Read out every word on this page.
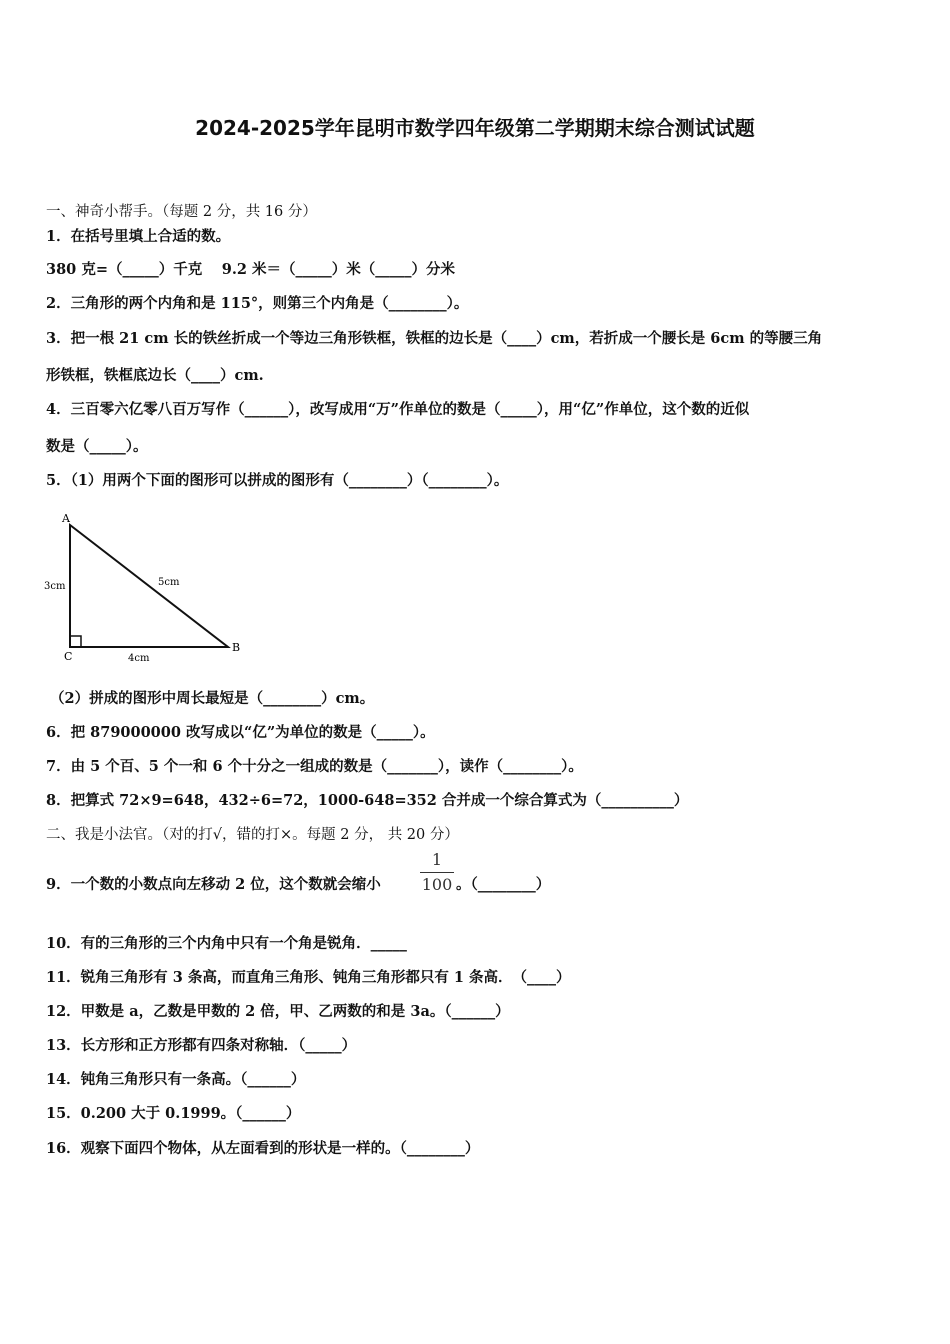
2024-2025学年昆明市数学四年级第二学期期末综合测试试题
一、神奇小帮手。（每题 2 分，共 16 分）
1．在括号里填上合适的数。
380 克=（_____）千克　 9.2 米＝（_____）米（_____）分米
2．三角形的两个内角和是 115°，则第三个内角是（________）。
3．把一根 21 cm 长的铁丝折成一个等边三角形铁框，铁框的边长是（____）cm，若折成一个腰长是 6cm 的等腰三角
形铁框，铁框底边长（____）cm.
4．三百零六亿零八百万写作（______），改写成用“万”作单位的数是（_____），用“亿”作单位，这个数的近似
数是（_____）。
5．（1）用两个下面的图形可以拼成的图形有（________）（________）。
A
B
C
3cm	5cm
4cm
（2）拼成的图形中周长最短是（________）cm。
6．把 879000000 改写成以“亿”为单位的数是（_____）。
7．由 5 个百、5 个一和 6 个十分之一组成的数是（_______），读作（________）。
8．把算式 72×9=648，432÷6=72，1000-648=352 合并成一个综合算式为（__________）
二、我是小法官。（对的打√，错的打×。每题 2 分， 共 20 分）
9．一个数的小数点向左移动 2 位，这个数就会缩小
1
100 。（________）
10．有的三角形的三个内角中只有一个角是锐角．_____
11．锐角三角形有 3 条高，而直角三角形、钝角三角形都只有 1 条高．　（____）
12．甲数是 a，乙数是甲数的 2 倍，甲、乙两数的和是 3a。（______）
13．长方形和正方形都有四条对称轴．（_____）
14．钝角三角形只有一条高。（______）
15．0.200 大于 0.1999。（______）
16．观察下面四个物体，从左面看到的形状是一样的。（________）
